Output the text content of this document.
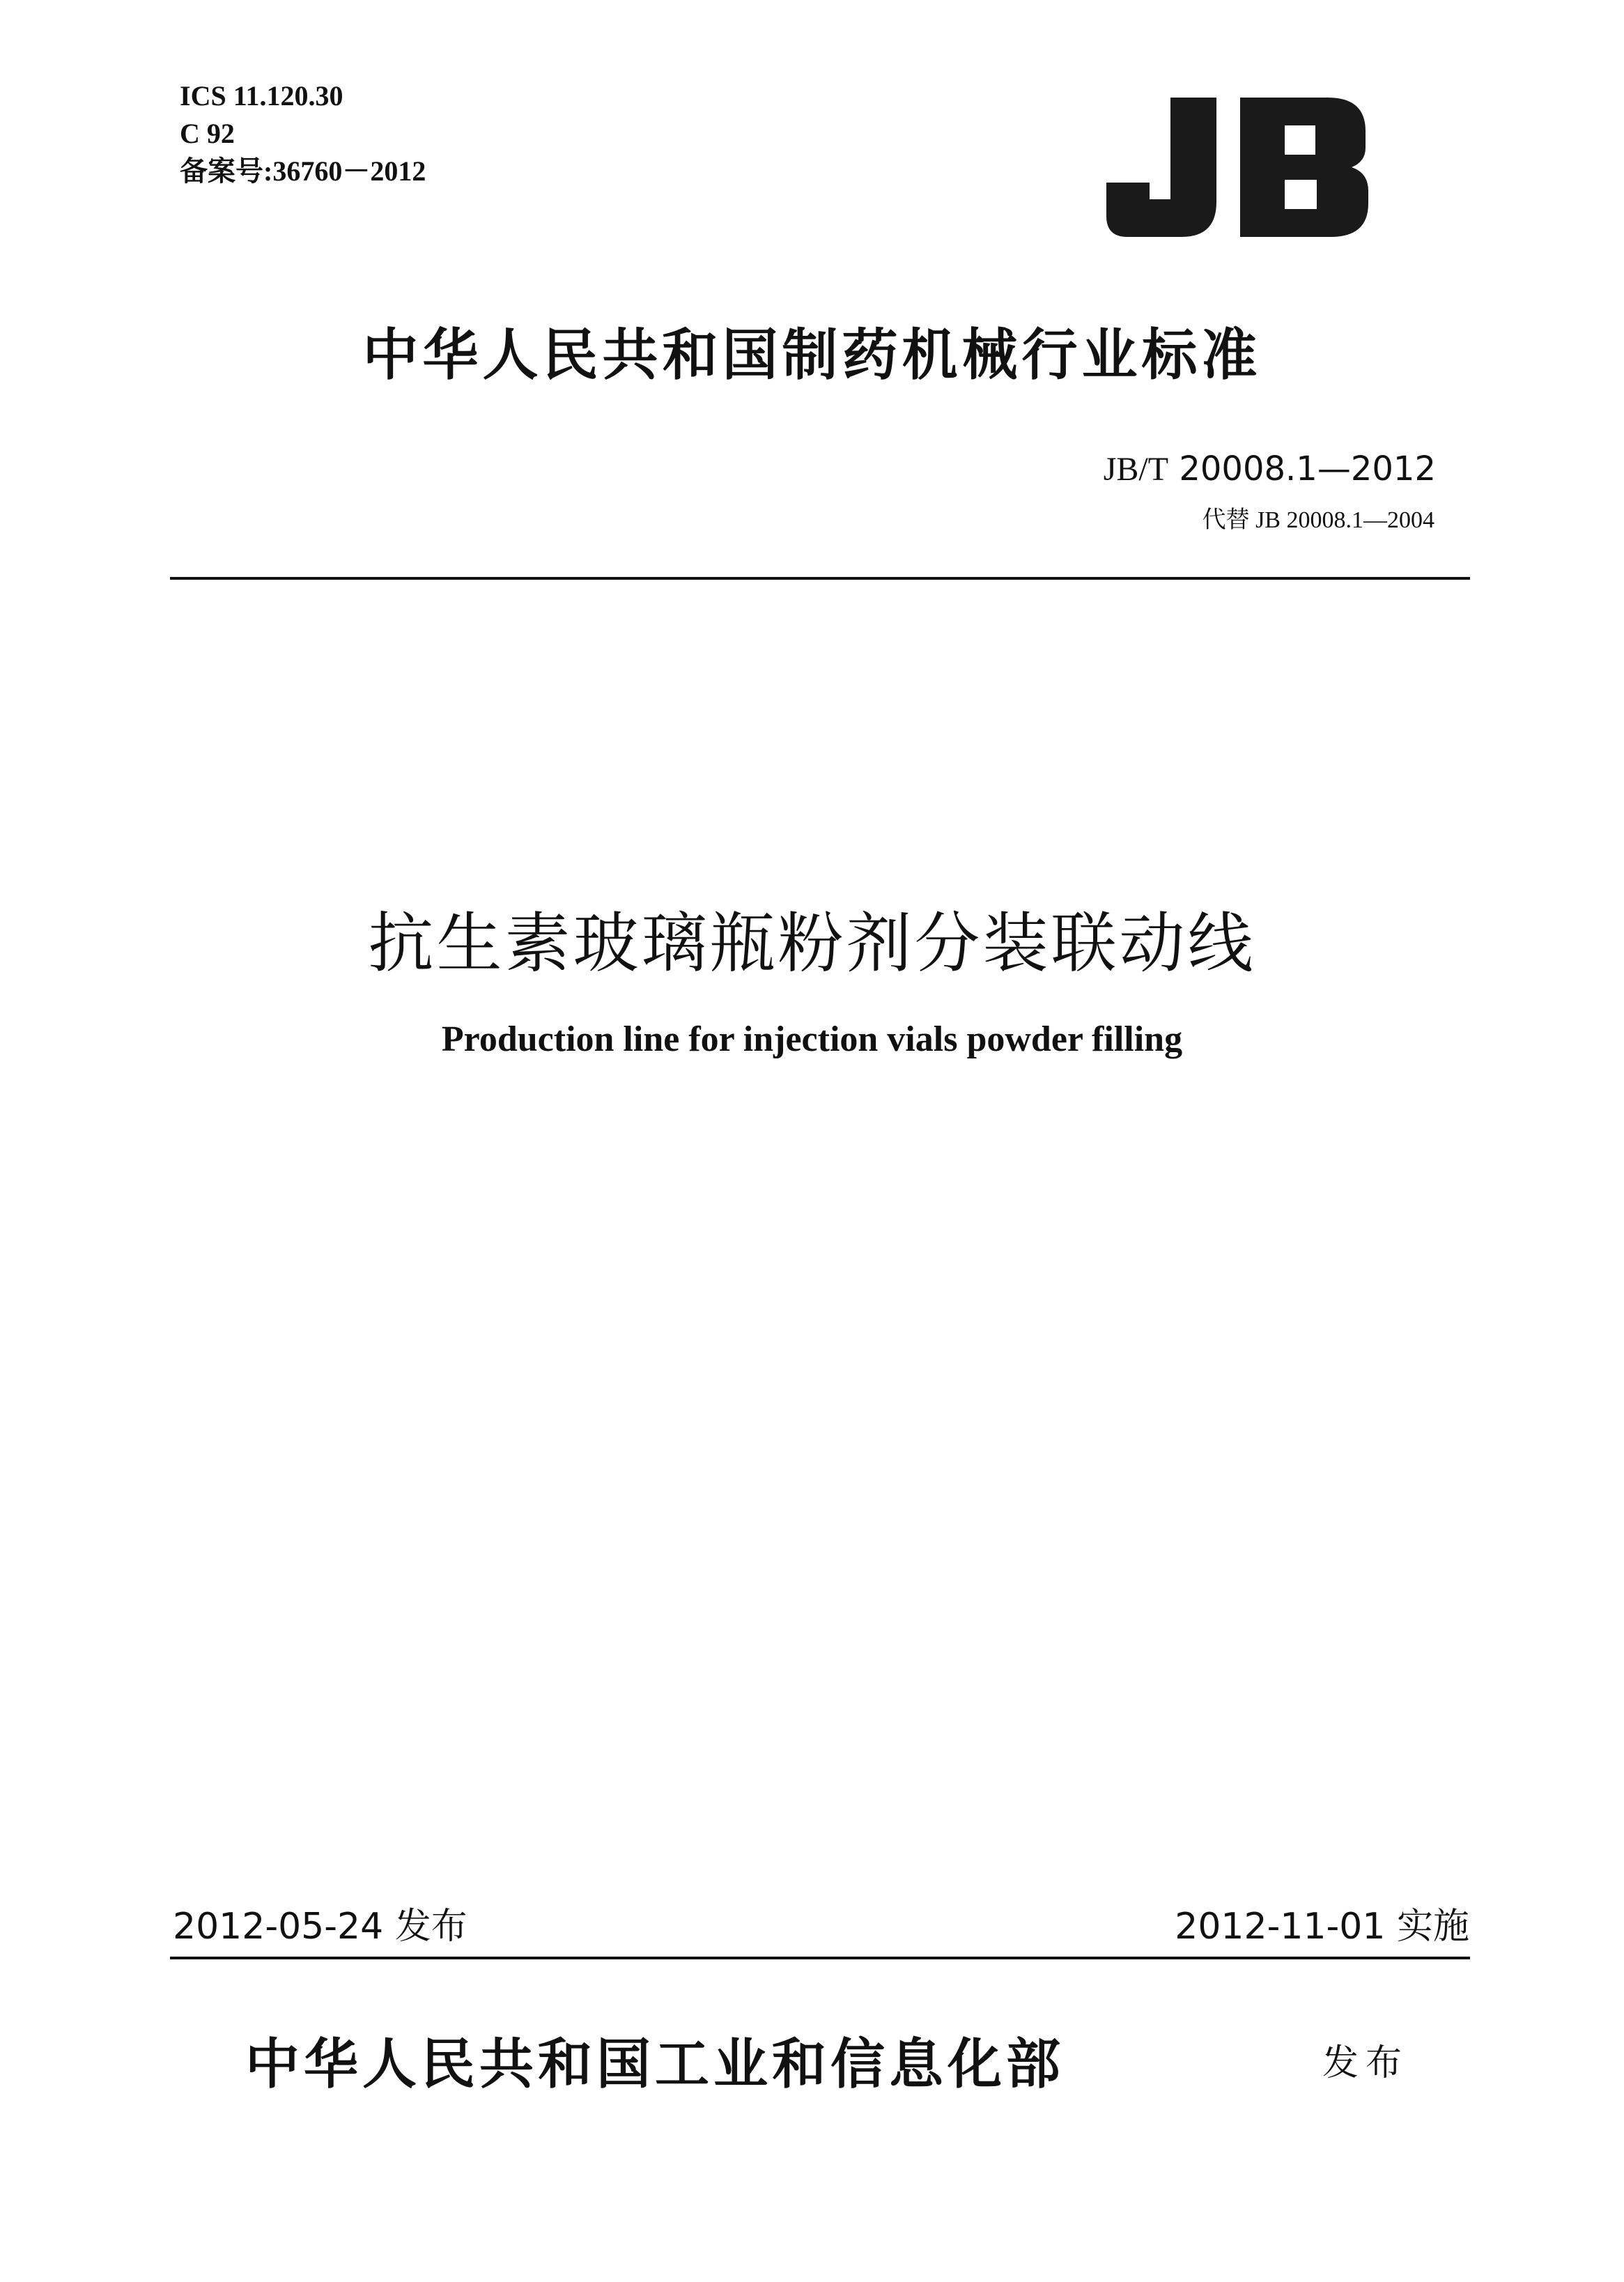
ICS 11.120.30
C 92
备案号:36760－2012
中华人民共和国制药机械行业标准
JB/T 20008.1—2012
代替 JB 20008.1—2004
抗生素玻璃瓶粉剂分装联动线
Production line for injection vials powder filling
2012-05-24 发布	2012-11-01 实施
中华人民共和国工业和信息化部	发布
